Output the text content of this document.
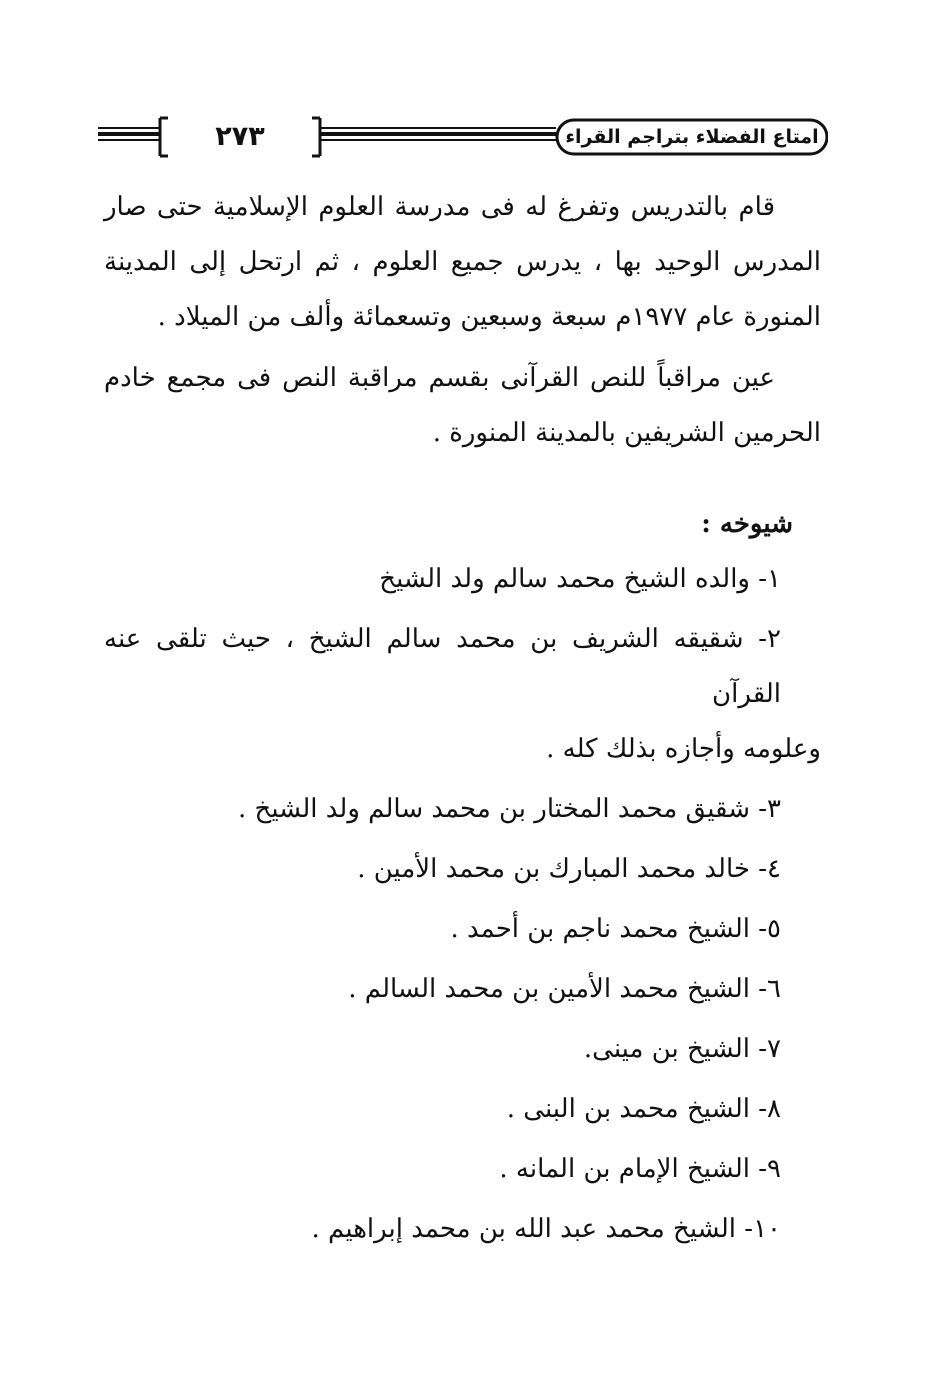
٢٧٣	امتاع الفضلاء بتراجم القراء

قام بالتدريس وتفرغ له فى مدرسة العلوم الإسلامية حتى صار المدرس الوحيد بها ، يدرس جميع العلوم ، ثم ارتحل إلى المدينة المنورة عام ١٩٧٧م سبعة وسبعين وتسعمائة وألف من الميلاد .

عين مراقباً للنص القرآنى بقسم مراقبة النص فى مجمع خادم الحرمين الشريفين بالمدينة المنورة .

شيوخه :
١- والده الشيخ محمد سالم ولد الشيخ
٢- شقيقه الشريف بن محمد سالم الشيخ ، حيث تلقى عنه القرآن
وعلومه وأجازه بذلك كله .
٣- شقيق محمد المختار بن محمد سالم ولد الشيخ .
٤- خالد محمد المبارك بن محمد الأمين .
٥- الشيخ محمد ناجم بن أحمد .
٦- الشيخ محمد الأمين بن محمد السالم .
٧- الشيخ بن مينى.
٨- الشيخ محمد بن البنى .
٩- الشيخ الإمام بن المانه .
١٠- الشيخ محمد عبد الله بن محمد إبراهيم .
